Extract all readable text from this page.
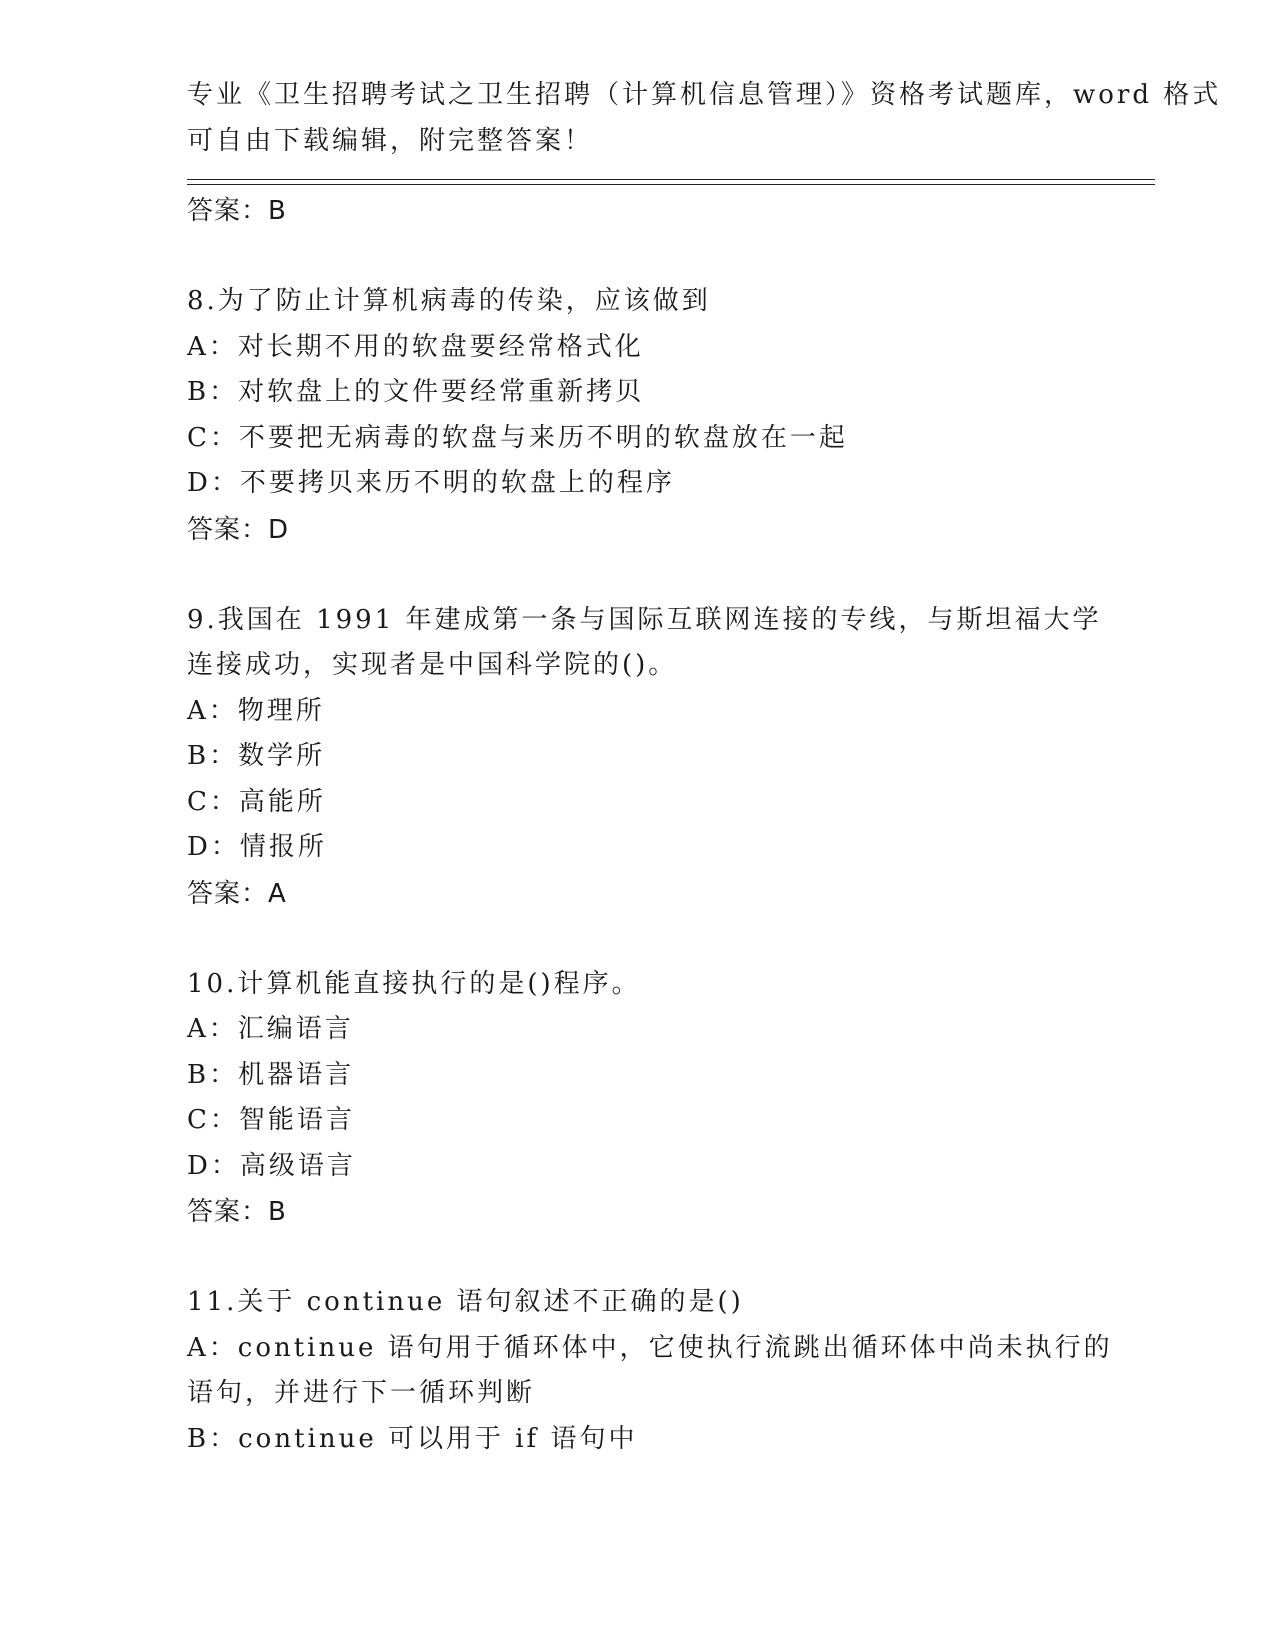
专业《卫生招聘考试之卫生招聘（计算机信息管理）》资格考试题库，word 格式
可自由下载编辑，附完整答案！
答案：B
8.为了防止计算机病毒的传染，应该做到
A：对长期不用的软盘要经常格式化
B：对软盘上的文件要经常重新拷贝
C：不要把无病毒的软盘与来历不明的软盘放在一起
D：不要拷贝来历不明的软盘上的程序
答案：D
9.我国在 1991 年建成第一条与国际互联网连接的专线，与斯坦福大学
连接成功，实现者是中国科学院的()。
A：物理所
B：数学所
C：高能所
D：情报所
答案：A
10.计算机能直接执行的是()程序。
A：汇编语言
B：机器语言
C：智能语言
D：高级语言
答案：B
11.关于 continue 语句叙述不正确的是()
A：continue 语句用于循环体中，它使执行流跳出循环体中尚未执行的
语句，并进行下一循环判断
B：continue 可以用于 if 语句中
